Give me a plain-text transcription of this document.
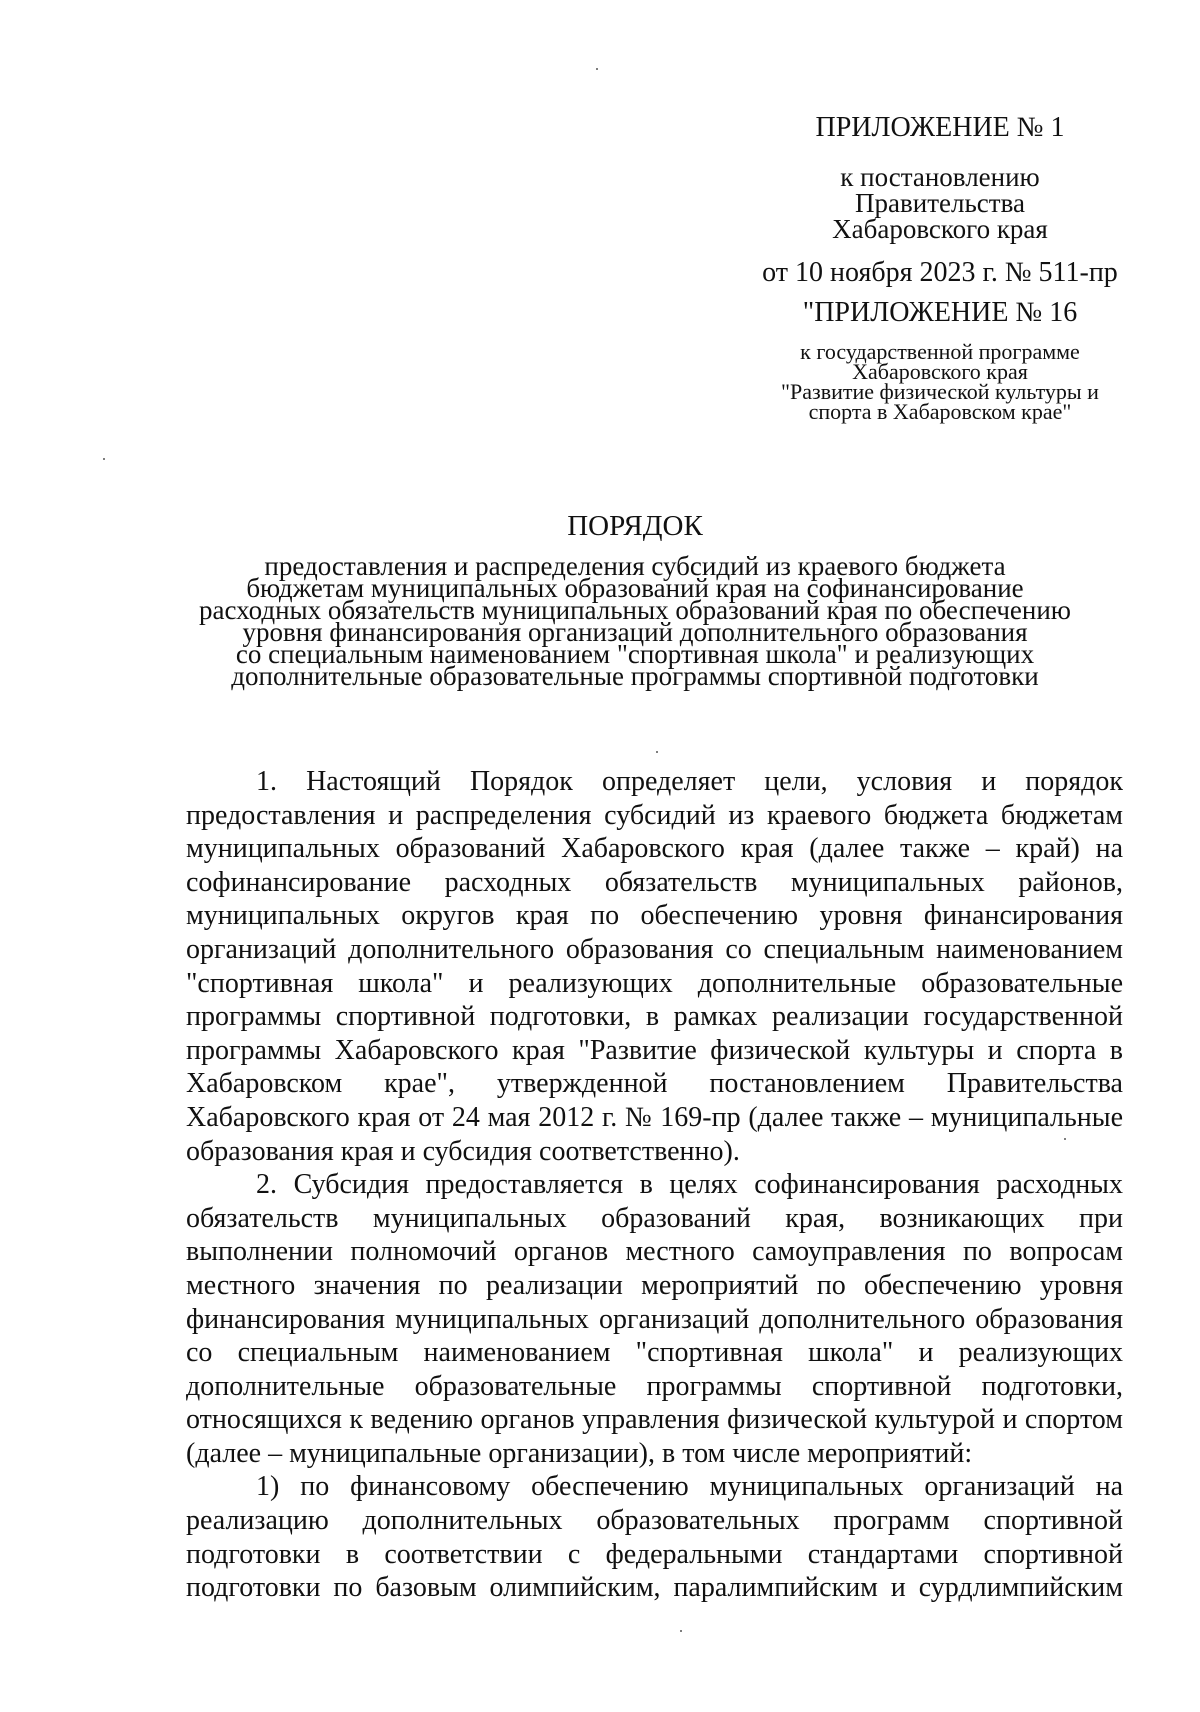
ПРИЛОЖЕНИЕ № 1
к постановлению
Правительства
Хабаровского края
от 10 ноября 2023 г. № 511-пр
"ПРИЛОЖЕНИЕ № 16
к государственной программе
Хабаровского края
"Развитие физической культуры и
спорта в Хабаровском крае"
ПОРЯДОК
предоставления и распределения субсидий из краевого бюджета
бюджетам муниципальных образований края на софинансирование
расходных обязательств муниципальных образований края по обеспечению
уровня финансирования организаций дополнительного образования
со специальным наименованием "спортивная школа" и реализующих
дополнительные образовательные программы спортивной подготовки

1. Настоящий Порядок определяет цели, условия и порядок предоставления и распределения субсидий из краевого бюджета бюджетам муниципальных образований Хабаровского края (далее также – край) на софинансирование расходных обязательств муниципальных районов, муниципальных округов края по обеспечению уровня финансирования организаций дополнительного образования со специальным наименованием "спортивная школа" и реализующих дополнительные образовательные программы спортивной подготовки, в рамках реализации государственной программы Хабаровского края "Развитие физической культуры и спорта в Хабаровском крае", утвержденной постановлением Правительства Хабаровского края от 24 мая 2012 г. № 169-пр (далее также – муниципальные образования края и субсидия соответственно).

2. Субсидия предоставляется в целях софинансирования расходных обязательств муниципальных образований края, возникающих при выполнении полномочий органов местного самоуправления по вопросам местного значения по реализации мероприятий по обеспечению уровня финансирования муниципальных организаций дополнительного образования со специальным наименованием "спортивная школа" и реализующих дополнительные образовательные программы спортивной подготовки, относящихся к ведению органов управления физической культурой и спортом (далее – муниципальные организации), в том числе мероприятий:

1) по финансовому обеспечению муниципальных организаций на реализацию дополнительных образовательных программ спортивной подготовки в соответствии с федеральными стандартами спортивной

подготовки по базовым олимпийским, паралимпийским и сурдлимпийским
